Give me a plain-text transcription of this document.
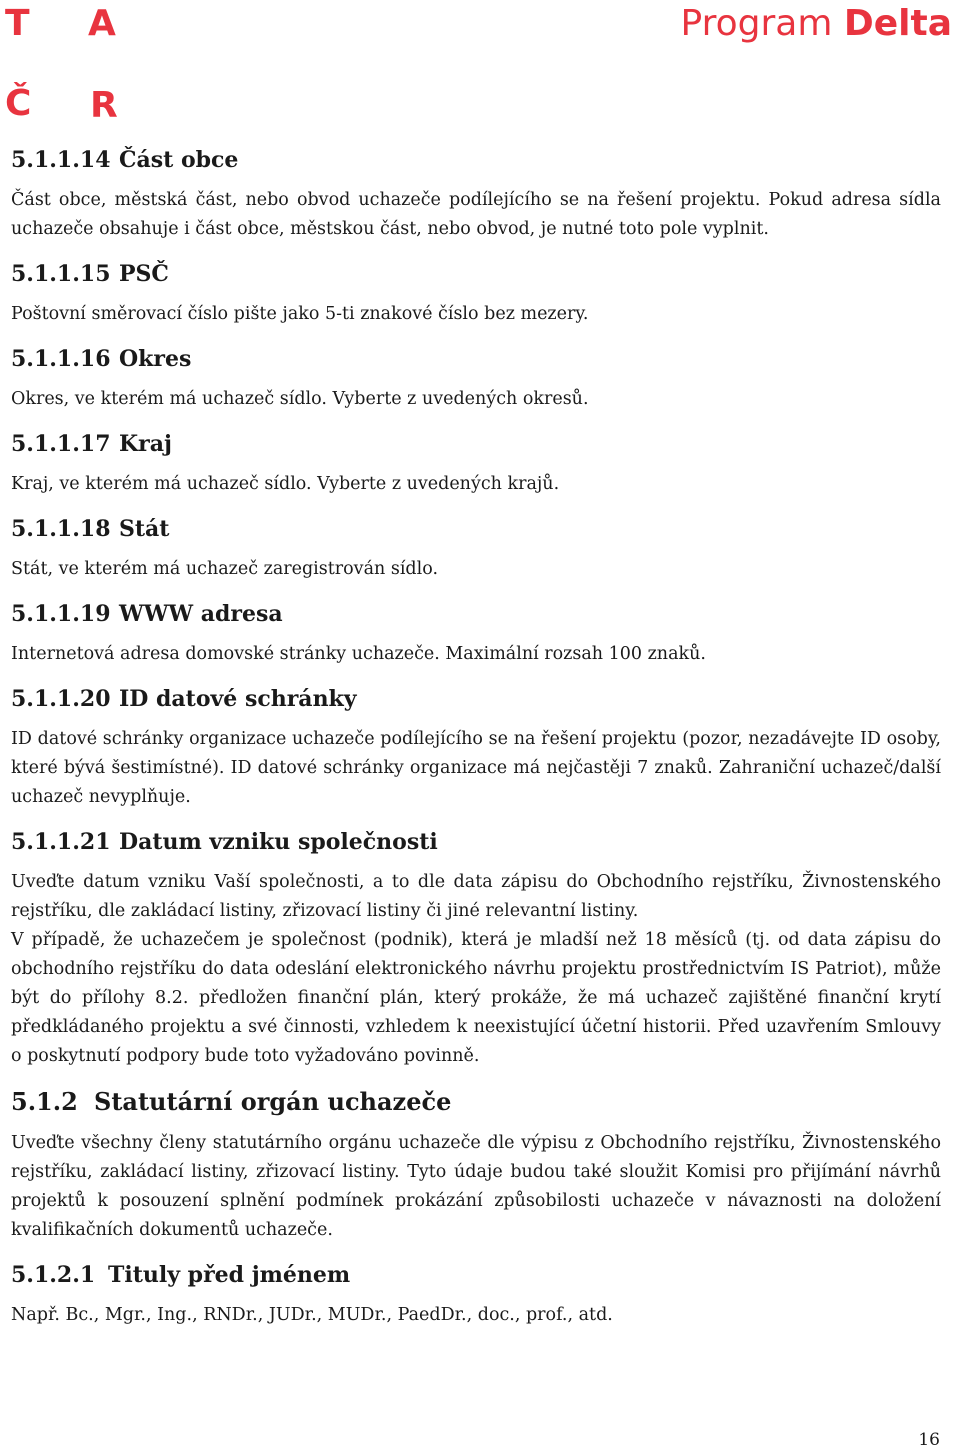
T A
Č R
Program Delta
5.1.1.14 Část obce

Část obce, městská část, nebo obvod uchazeče podílejícího se na řešení projektu. Pokud adresa sídla uchazeče obsahuje i část obce, městskou část, nebo obvod, je nutné toto pole vyplnit.

5.1.1.15 PSČ

Poštovní směrovací číslo pište jako 5-ti znakové číslo bez mezery.

5.1.1.16 Okres

Okres, ve kterém má uchazeč sídlo. Vyberte z uvedených okresů.

5.1.1.17 Kraj

Kraj, ve kterém má uchazeč sídlo. Vyberte z uvedených krajů.

5.1.1.18 Stát

Stát, ve kterém má uchazeč zaregistrován sídlo.

5.1.1.19 WWW adresa

Internetová adresa domovské stránky uchazeče. Maximální rozsah 100 znaků.

5.1.1.20 ID datové schránky

ID datové schránky organizace uchazeče podílejícího se na řešení projektu (pozor, nezadávejte ID osoby, které bývá šestimístné). ID datové schránky organizace má nejčastěji 7 znaků. Zahraniční uchazeč/další uchazeč nevyplňuje.

5.1.1.21 Datum vzniku společnosti

Uveďte datum vzniku Vaší společnosti, a to dle data zápisu do Obchodního rejstříku, Živnostenského rejstříku, dle zakládací listiny, zřizovací listiny či jiné relevantní listiny.

V případě, že uchazečem je společnost (podnik), která je mladší než 18 měsíců (tj. od data zápisu do obchodního rejstříku do data odeslání elektronického návrhu projektu prostřednictvím IS Patriot), může být do přílohy 8.2. předložen finanční plán, který prokáže, že má uchazeč zajištěné finanční krytí předkládaného projektu a své činnosti, vzhledem k neexistující účetní historii. Před uzavřením Smlouvy o poskytnutí podpory bude toto vyžadováno povinně.

5.1.2 Statutární orgán uchazeče

Uveďte všechny členy statutárního orgánu uchazeče dle výpisu z Obchodního rejstříku, Živnostenského rejstříku, zakládací listiny, zřizovací listiny. Tyto údaje budou také sloužit Komisi pro přijímání návrhů projektů k posouzení splnění podmínek prokázání způsobilosti uchazeče v návaznosti na doložení kvalifikačních dokumentů uchazeče.

5.1.2.1 Tituly před jménem

Např. Bc., Mgr., Ing., RNDr., JUDr., MUDr., PaedDr., doc., prof., atd.

16
